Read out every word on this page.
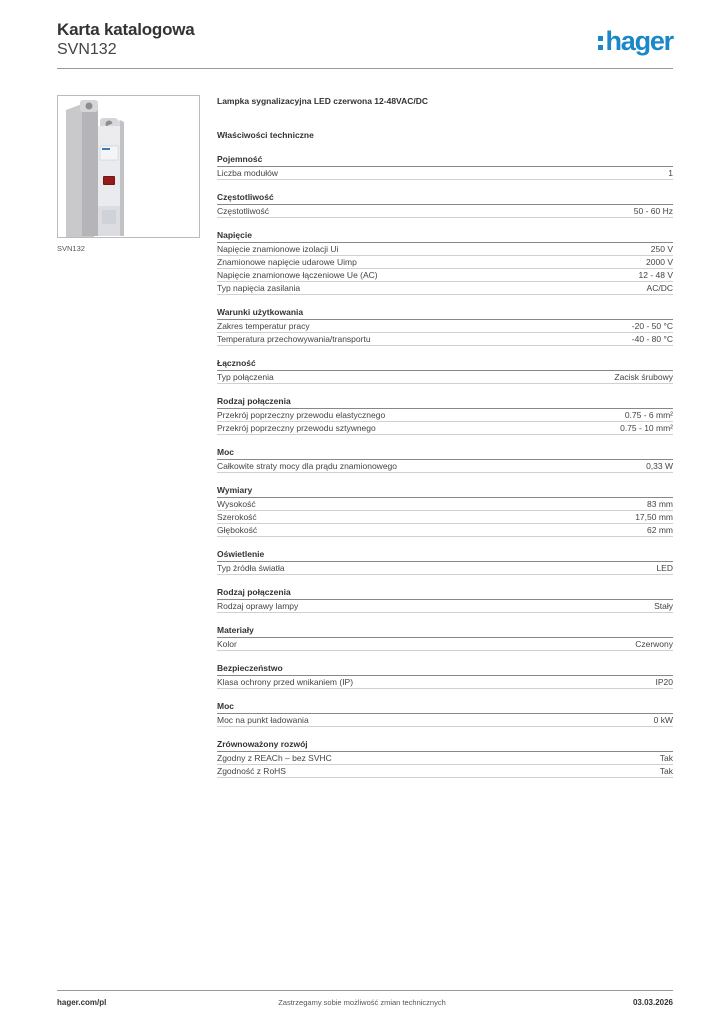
Karta katalogowa
SVN132	hager
SVN132
Lampka sygnalizacyjna LED czerwona 12-48VAC/DC
Właściwości techniczne
Pojemność
Liczba modułów	1
Częstotliwość
Częstotliwość	50 - 60 Hz
Napięcie
Napięcie znamionowe izolacji Ui	250 V
Znamionowe napięcie udarowe Uimp	2000 V
Napięcie znamionowe łączeniowe Ue (AC)	12 - 48 V
Typ napięcia zasilania	AC/DC
Warunki użytkowania
Zakres temperatur pracy	-20 - 50 °C
Temperatura przechowywania/transportu	-40 - 80 °C
Łączność
Typ połączenia	Zacisk śrubowy
Rodzaj połączenia
Przekrój poprzeczny przewodu elastycznego	0.75 - 6 mm²
Przekrój poprzeczny przewodu sztywnego	0.75 - 10 mm²
Moc
Całkowite straty mocy dla prądu znamionowego	0,33 W
Wymiary
Wysokość	83 mm
Szerokość	17,50 mm
Głębokość	62 mm
Oświetlenie
Typ źródła światła	LED
Rodzaj połączenia
Rodzaj oprawy lampy	Stały
Materiały
Kolor	Czerwony
Bezpieczeństwo
Klasa ochrony przed wnikaniem (IP)	IP20
Moc
Moc na punkt ładowania	0 kW
Zrównoważony rozwój
Zgodny z REACh – bez SVHC	Tak
Zgodność z RoHS	Tak
hager.com/pl	Zastrzegamy sobie możliwość zmian technicznych	03.03.2026
